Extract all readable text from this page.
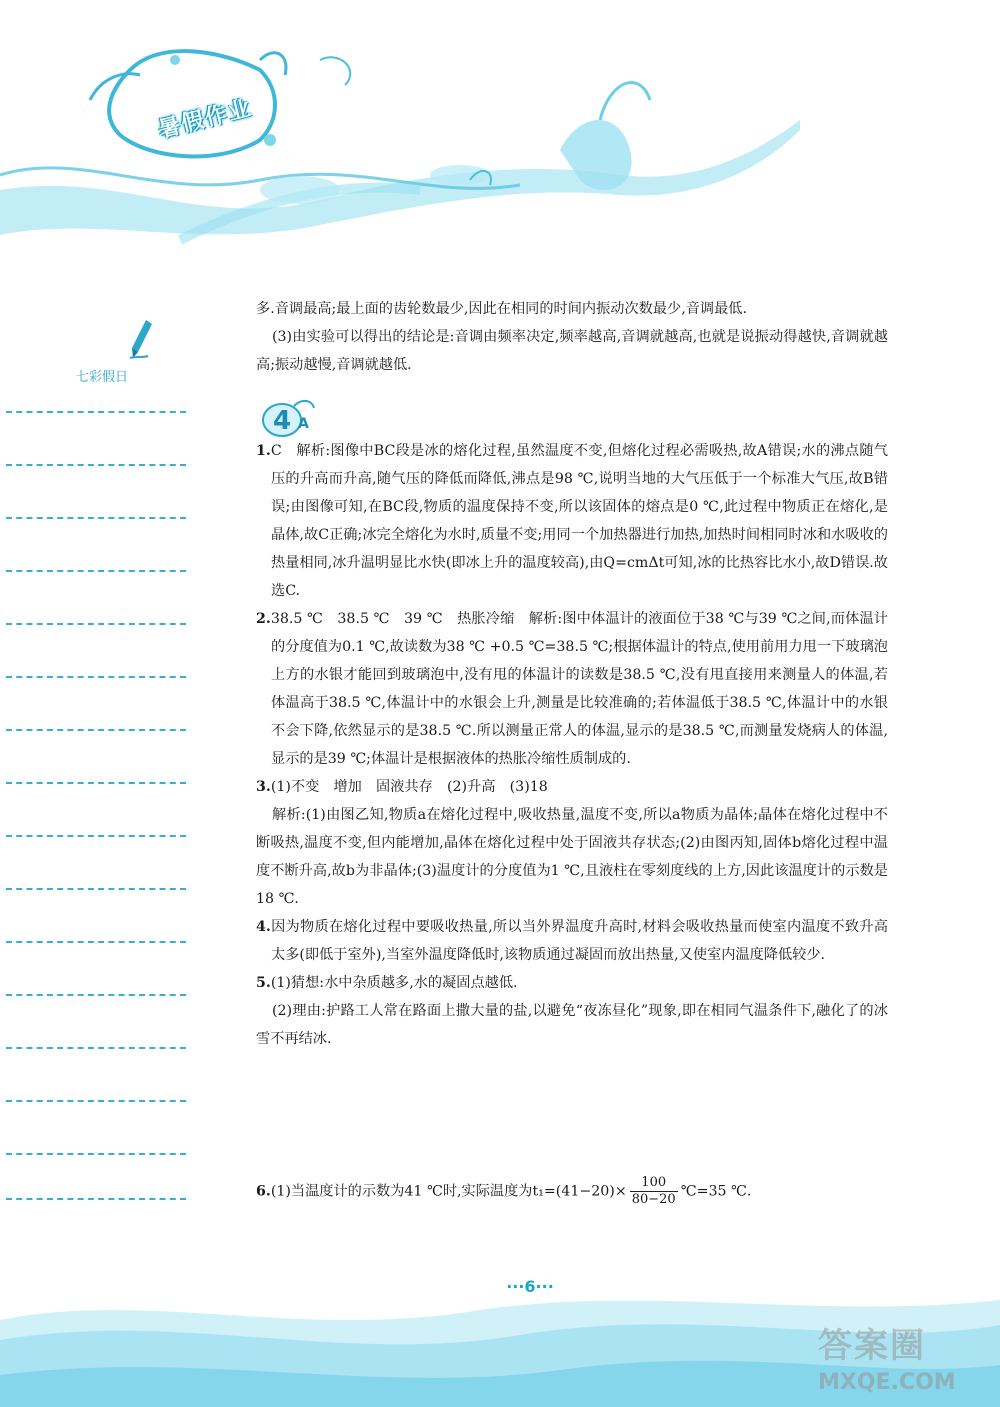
暑假作业
七彩假日
4 A

多.音调最高;最上面的齿轮数最少,因此在相同的时间内振动次数最少,音调最低.

(3)由实验可以得出的结论是:音调由频率决定,频率越高,音调就越高,也就是说振动得越快,音调就越高;振动越慢,音调就越低.

1.C　解析:图像中BC段是冰的熔化过程,虽然温度不变,但熔化过程必需吸热,故A错误;水的沸点随气压的升高而升高,随气压的降低而降低,沸点是98 ℃,说明当地的大气压低于一个标准大气压,故B错误;由图像可知,在BC段,物质的温度保持不变,所以该固体的熔点是0 ℃,此过程中物质正在熔化,是晶体,故C正确;冰完全熔化为水时,质量不变;用同一个加热器进行加热,加热时间相同时冰和水吸收的热量相同,冰升温明显比水快(即冰上升的温度较高),由Q=cmΔt可知,冰的比热容比水小,故D错误.故选C.

2.38.5 ℃　38.5 ℃　39 ℃　热胀冷缩　解析:图中体温计的液面位于38 ℃与39 ℃之间,而体温计的分度值为0.1 ℃,故读数为38 ℃ +0.5 ℃=38.5 ℃;根据体温计的特点,使用前用力甩一下玻璃泡上方的水银才能回到玻璃泡中,没有甩的体温计的读数是38.5 ℃,没有甩直接用来测量人的体温,若体温高于38.5 ℃,体温计中的水银会上升,测量是比较准确的;若体温低于38.5 ℃,体温计中的水银不会下降,依然显示的是38.5 ℃.所以测量正常人的体温,显示的是38.5 ℃,而测量发烧病人的体温,显示的是39 ℃;体温计是根据液体的热胀冷缩性质制成的.

3.(1)不变　增加　固液共存　(2)升高　(3)18

解析:(1)由图乙知,物质a在熔化过程中,吸收热量,温度不变,所以a物质为晶体;晶体在熔化过程中不断吸热,温度不变,但内能增加,晶体在熔化过程中处于固液共存状态;(2)由图丙知,固体b熔化过程中温度不断升高,故b为非晶体;(3)温度计的分度值为1 ℃,且液柱在零刻度线的上方,因此该温度计的示数是18 ℃.

4.因为物质在熔化过程中要吸收热量,所以当外界温度升高时,材料会吸收热量而使室内温度不致升高太多(即低于室外),当室外温度降低时,该物质通过凝固而放出热量,又使室内温度降低较少.

5.(1)猜想:水中杂质越多,水的凝固点越低.

(2)理由:护路工人常在路面上撒大量的盐,以避免“夜冻昼化”现象,即在相同气温条件下,融化了的冰雪不再结冰.

6.(1)当温度计的示数为41 ℃时,实际温度为$t_1=(41-20)\times \frac{100}{80-20}$ ℃=35 ℃.
···6···
答案圈
MXQE.COM
